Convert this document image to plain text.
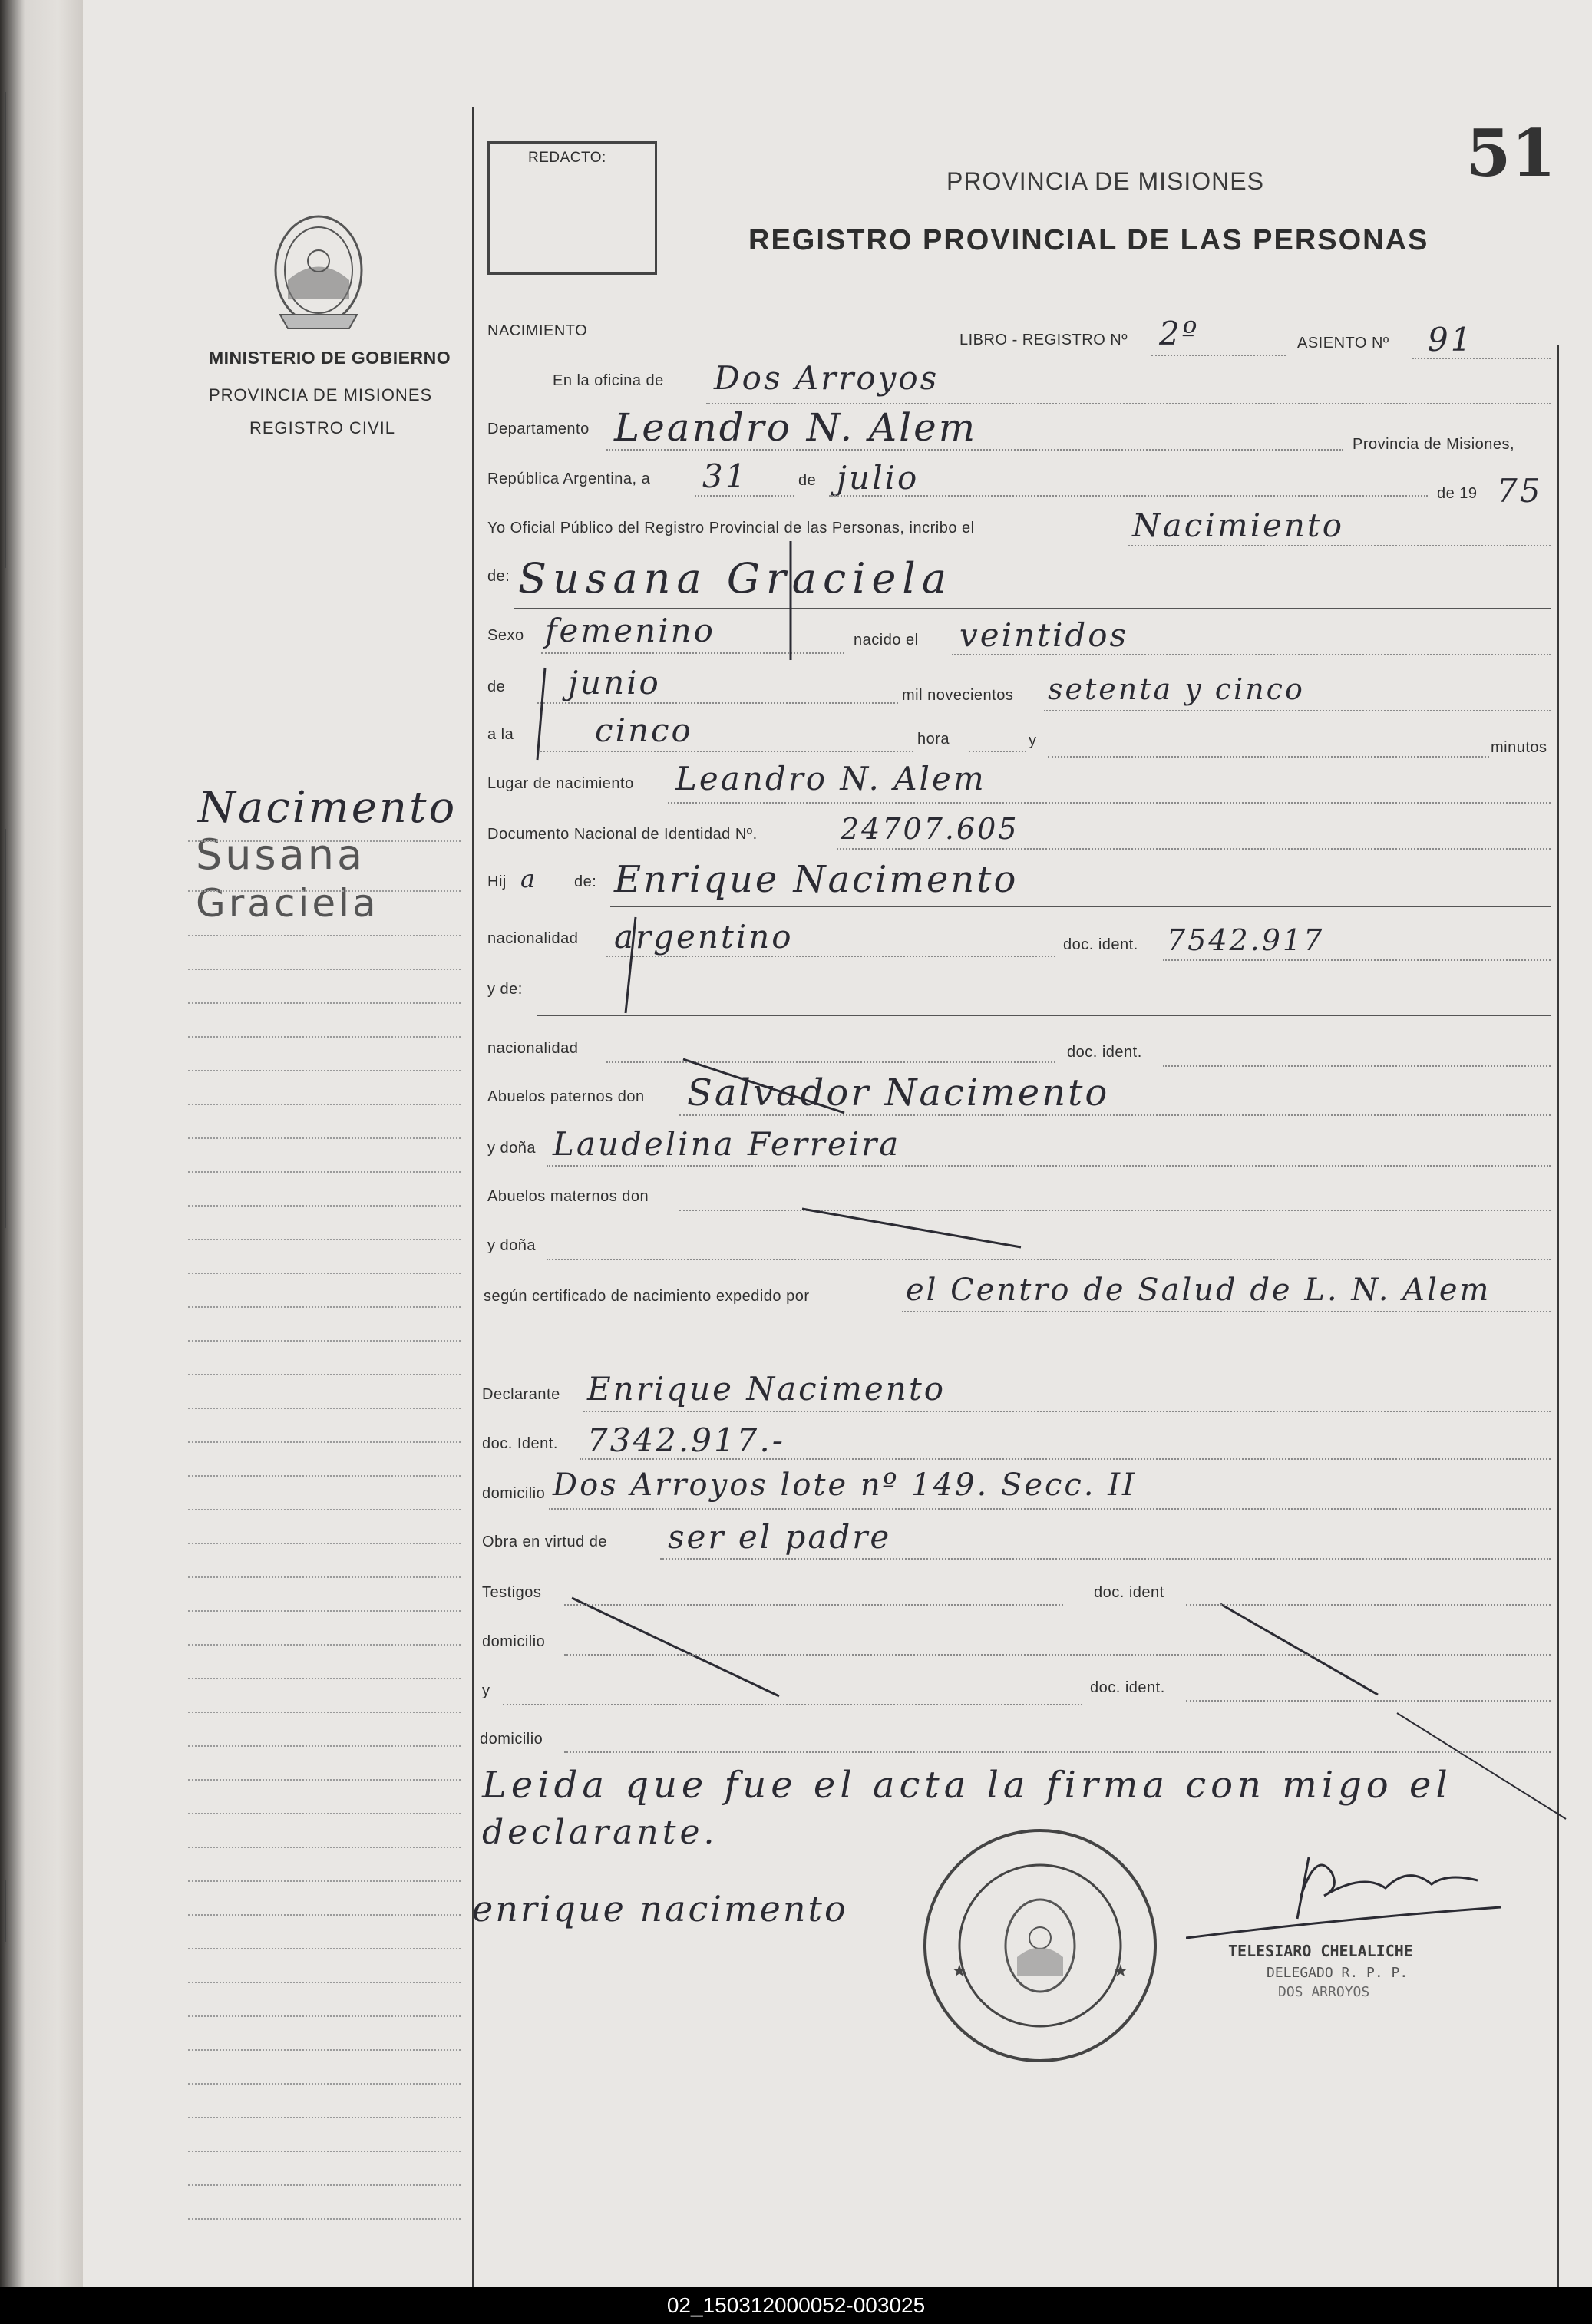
51
REDACTO:
PROVINCIA DE MISIONES
REGISTRO PROVINCIAL DE LAS PERSONAS
MINISTERIO DE GOBIERNO
PROVINCIA DE MISIONES
REGISTRO CIVIL
Nacimento
Susana
Graciela
NACIMIENTO
LIBRO - REGISTRO Nº 2º	ASIENTO Nº 91
En la oficina de Dos Arroyos
Departamento Leandro N. Alem	Provincia de Misiones,
República Argentina, a 31	de julio	de 19 75
Yo Oficial Público del Registro Provincial de las Personas, incribo el	Nacimiento
de: Susana Graciela
Sexo femenino	nacido el veintidos
de junio	mil novecientos setenta y cinco
a la	cinco	hora	y	minutos
Lugar de nacimiento Leandro N. Alem
Documento Nacional de Identidad Nº.	24707.605
Hij a de: Enrique Nacimento
nacionalidad argentino	doc. ident. 7542.917
y de:
nacionalidad	doc. ident.
Abuelos paternos don Salvador Nacimento
y doña Laudelina Ferreira
Abuelos maternos don
y doña
según certificado de nacimiento expedido por	el Centro de Salud de L. N. Alem
Declarante Enrique Nacimento
doc. Ident. 7342.917.-
domicilio Dos Arroyos lote nº 149. Secc. II
Obra en virtud de ser el padre
Testigos	doc. ident
domicilio
y	doc. ident.
domicilio
Leida que fue el acta la firma con migo el
declarante.
enrique nacimento
TELESIARO CHELALICHE
DELEGADO R. P. P.
DOS ARROYOS
★	★
02_150312000052-003025
